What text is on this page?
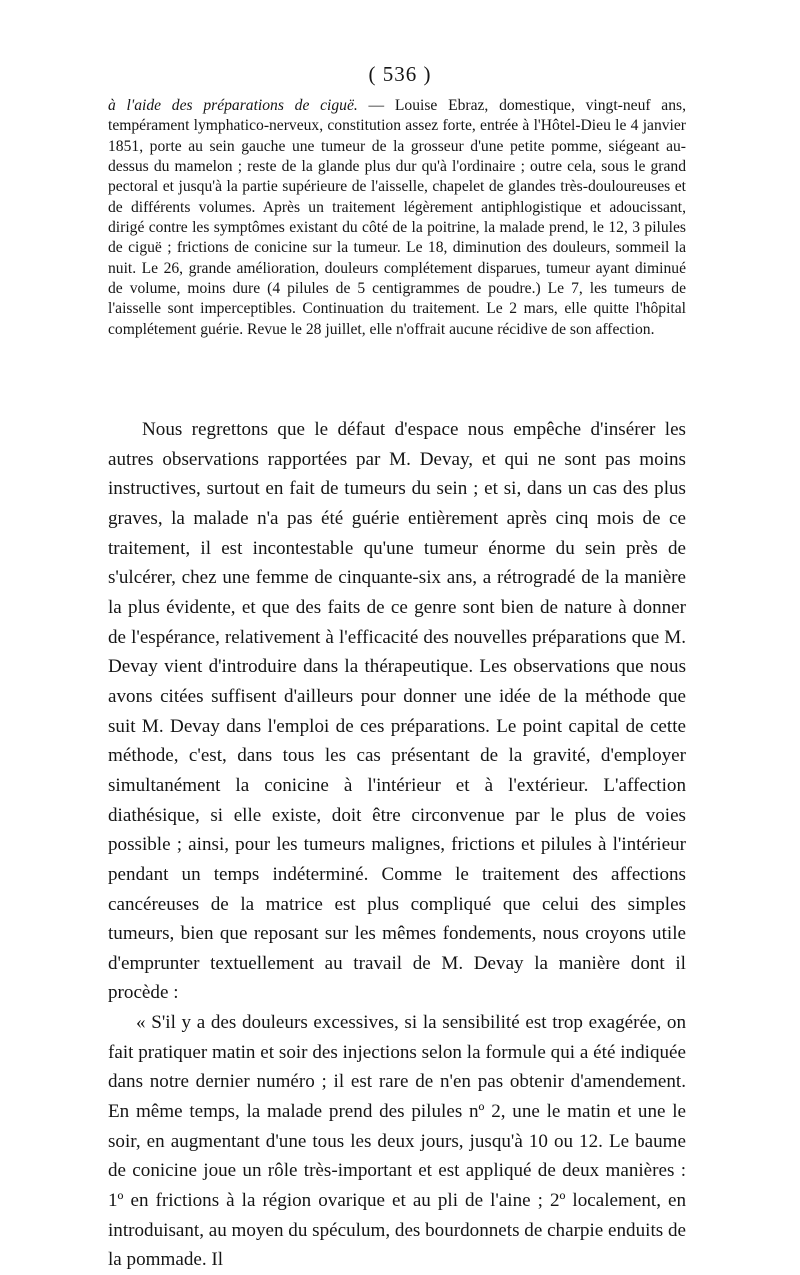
( 536 )

à l'aide des préparations de ciguë. — Louise Ebraz, domestique, vingt-neuf ans, tempérament lymphatico-nerveux, constitution assez forte, entrée à l'Hôtel-Dieu le 4 janvier 1851, porte au sein gauche une tumeur de la grosseur d'une petite pomme, siégeant au-dessus du mamelon ; reste de la glande plus dur qu'à l'ordinaire ; outre cela, sous le grand pectoral et jusqu'à la partie supérieure de l'aisselle, chapelet de glandes très-douloureuses et de différents volumes. Après un traitement légèrement antiphlogistique et adoucissant, dirigé contre les symptômes existant du côté de la poitrine, la malade prend, le 12, 3 pilules de ciguë ; frictions de conicine sur la tumeur. Le 18, diminution des douleurs, sommeil la nuit. Le 26, grande amélioration, douleurs complétement disparues, tumeur ayant diminué de volume, moins dure (4 pilules de 5 centigrammes de poudre.) Le 7, les tumeurs de l'aisselle sont imperceptibles. Continuation du traitement. Le 2 mars, elle quitte l'hôpital complétement guérie. Revue le 28 juillet, elle n'offrait aucune récidive de son affection.

Nous regrettons que le défaut d'espace nous empêche d'insérer les autres observations rapportées par M. Devay, et qui ne sont pas moins instructives, surtout en fait de tumeurs du sein ; et si, dans un cas des plus graves, la malade n'a pas été guérie entièrement après cinq mois de ce traitement, il est incontestable qu'une tumeur énorme du sein près de s'ulcérer, chez une femme de cinquante-six ans, a rétrogradé de la manière la plus évidente, et que des faits de ce genre sont bien de nature à donner de l'espérance, relativement à l'efficacité des nouvelles préparations que M. Devay vient d'introduire dans la thérapeutique. Les observations que nous avons citées suffisent d'ailleurs pour donner une idée de la méthode que suit M. Devay dans l'emploi de ces préparations. Le point capital de cette méthode, c'est, dans tous les cas présentant de la gravité, d'employer simultanément la conicine à l'intérieur et à l'extérieur. L'affection diathésique, si elle existe, doit être circonvenue par le plus de voies possible ; ainsi, pour les tumeurs malignes, frictions et pilules à l'intérieur pendant un temps indéterminé. Comme le traitement des affections cancéreuses de la matrice est plus compliqué que celui des simples tumeurs, bien que reposant sur les mêmes fondements, nous croyons utile d'emprunter textuellement au travail de M. Devay la manière dont il procède :

« S'il y a des douleurs excessives, si la sensibilité est trop exagérée, on fait pratiquer matin et soir des injections selon la formule qui a été indiquée dans notre dernier numéro ; il est rare de n'en pas obtenir d'amendement. En même temps, la malade prend des pilules nº 2, une le matin et une le soir, en augmentant d'une tous les deux jours, jusqu'à 10 ou 12. Le baume de conicine joue un rôle très-important et est appliqué de deux manières : 1º en frictions à la région ovarique et au pli de l'aine ; 2º localement, en introduisant, au moyen du spéculum, des bourdonnets de charpie enduits de la pommade. Il
